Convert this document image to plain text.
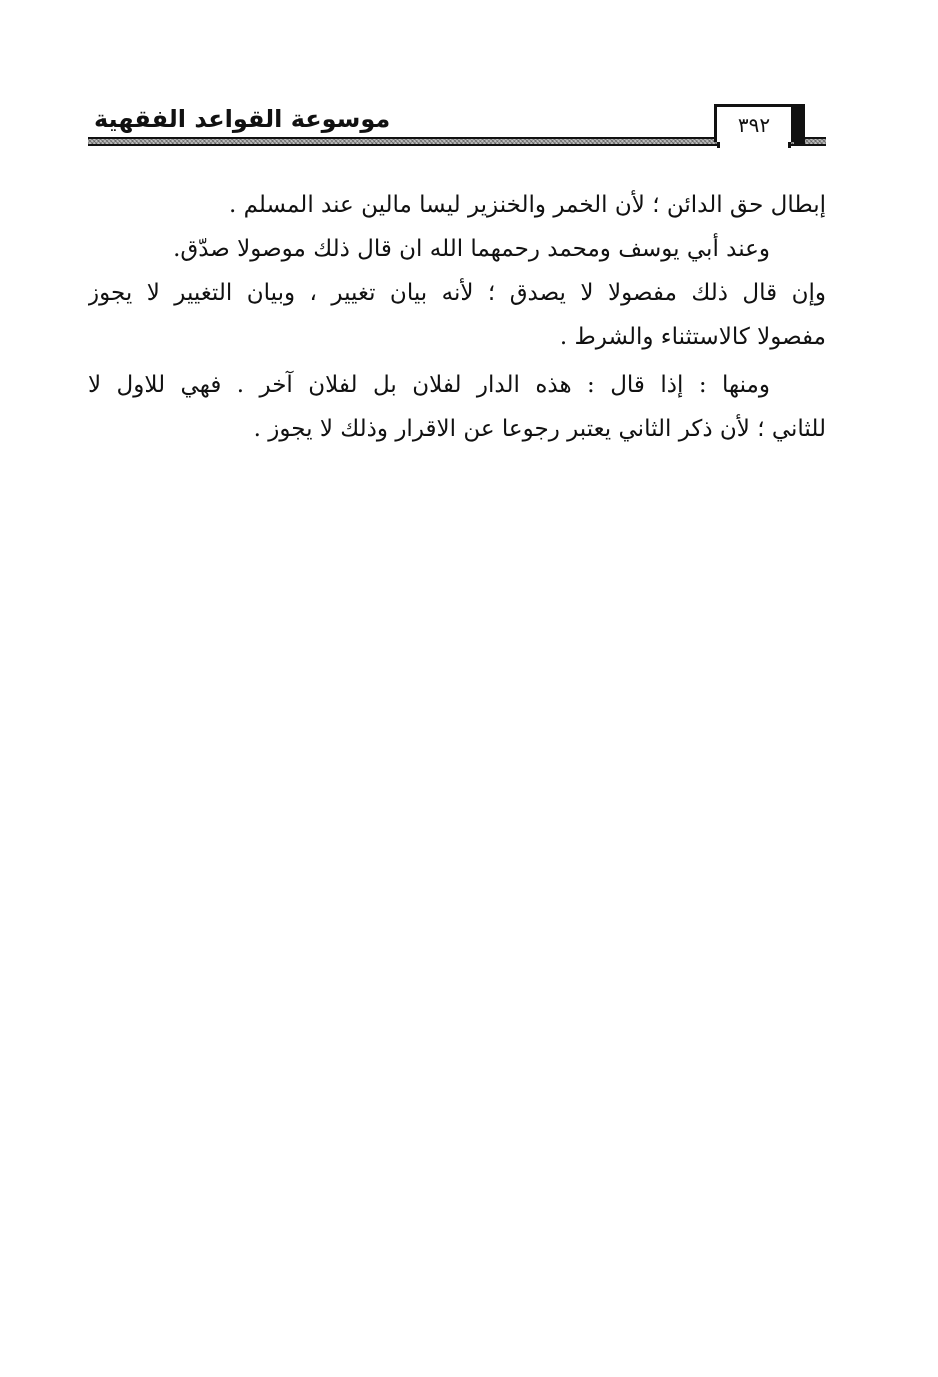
موسوعة القواعد الفقهية	٣٩٢
إبطال حق الدائن ؛ لأن الخمر والخنزير ليسا مالين عند المسلم .
وعند أبي يوسف ومحمد رحمهما الله ان قال ذلك موصولا صدّق.
وإن قال ذلك مفصولا لا يصدق ؛ لأنه بيان تغيير ، وبيان التغيير لا يجوز
مفصولا كالاستثناء والشرط .
ومنها : إذا قال : هذه الدار لفلان بل لفلان آخر . فهي للاول لا
للثاني ؛ لأن ذكر الثاني يعتبر رجوعا عن الاقرار وذلك لا يجوز .
